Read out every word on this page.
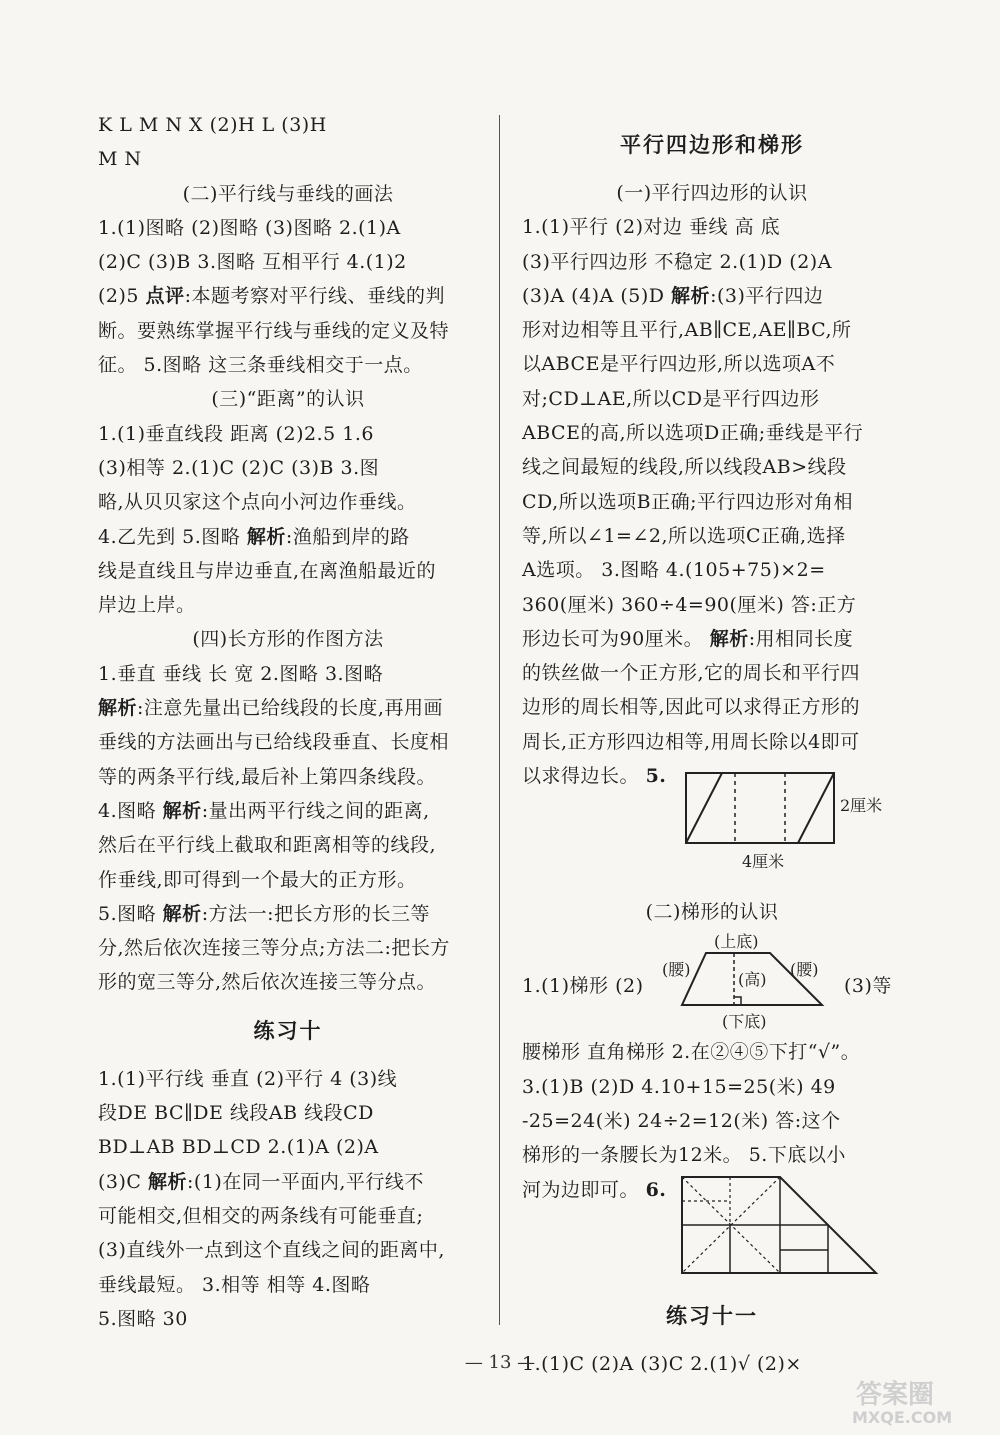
K L M N X (2)H L (3)H

M N

(二)平行线与垂线的画法

1.(1)图略 (2)图略 (3)图略 2.(1)A

(2)C (3)B 3.图略 互相平行 4.(1)2

(2)5 点评:本题考察对平行线、垂线的判

断。要熟练掌握平行线与垂线的定义及特

征。 5.图略 这三条垂线相交于一点。

(三)“距离”的认识

1.(1)垂直线段 距离 (2)2.5 1.6

(3)相等 2.(1)C (2)C (3)B 3.图

略,从贝贝家这个点向小河边作垂线。

4.乙先到 5.图略 解析:渔船到岸的路

线是直线且与岸边垂直,在离渔船最近的

岸边上岸。

(四)长方形的作图方法

1.垂直 垂线 长 宽 2.图略 3.图略

解析:注意先量出已给线段的长度,再用画

垂线的方法画出与已给线段垂直、长度相

等的两条平行线,最后补上第四条线段。

4.图略 解析:量出两平行线之间的距离,

然后在平行线上截取和距离相等的线段,

作垂线,即可得到一个最大的正方形。

5.图略 解析:方法一:把长方形的长三等

分,然后依次连接三等分点;方法二:把长方

形的宽三等分,然后依次连接三等分点。

练习十

1.(1)平行线 垂直 (2)平行 4 (3)线

段DE BC∥DE 线段AB 线段CD

BD⊥AB BD⊥CD 2.(1)A (2)A

(3)C 解析:(1)在同一平面内,平行线不

可能相交,但相交的两条线有可能垂直;

(3)直线外一点到这个直线之间的距离中,

垂线最短。 3.相等 相等 4.图略

5.图略 30

平行四边形和梯形

(一)平行四边形的认识

1.(1)平行 (2)对边 垂线 高 底

(3)平行四边形 不稳定 2.(1)D (2)A

(3)A (4)A (5)D 解析:(3)平行四边

形对边相等且平行,AB∥CE,AE∥BC,所

以ABCE是平行四边形,所以选项A不

对;CD⊥AE,所以CD是平行四边形

ABCE的高,所以选项D正确;垂线是平行

线之间最短的线段,所以线段AB>线段

CD,所以选项B正确;平行四边形对角相

等,所以∠1=∠2,所以选项C正确,选择

A选项。 3.图略 4.(105+75)×2=

360(厘米) 360÷4=90(厘米) 答:正方

形边长可为90厘米。 解析:用相同长度

的铁丝做一个正方形,它的周长和平行四

边形的周长相等,因此可以求得正方形的

周长,正方形四边相等,用周长除以4即可

以求得边长。 5.

2厘米
4厘米

(二)梯形的认识

1.(1)梯形 (2)

(上底)
(腰)
(高)
(腰)
(下底)

(3)等

腰梯形 直角梯形 2.在②④⑤下打“√”。

3.(1)B (2)D 4.10+15=25(米) 49

-25=24(米) 24÷2=12(米) 答:这个

梯形的一条腰长为12米。 5.下底以小

河为边即可。 6.

练习十一

1.(1)C (2)A (3)C 2.(1)√ (2)×

— 13 —
答案圈
MXQE.COM
